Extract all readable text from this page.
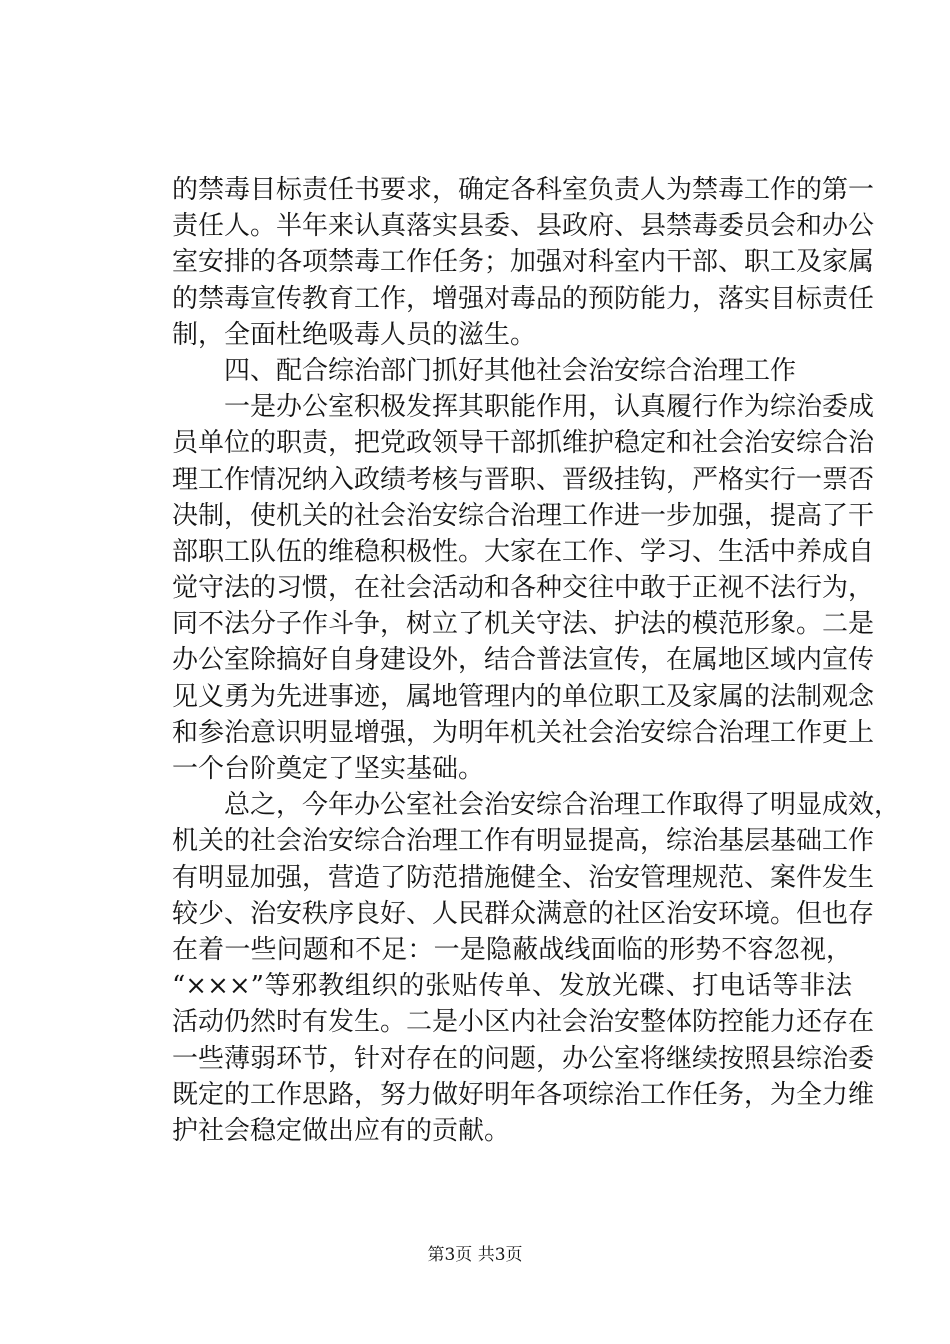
的禁毒目标责任书要求，确定各科室负责人为禁毒工作的第一
责任人。半年来认真落实县委、县政府、县禁毒委员会和办公
室安排的各项禁毒工作任务；加强对科室内干部、职工及家属
的禁毒宣传教育工作，增强对毒品的预防能力，落实目标责任
制，全面杜绝吸毒人员的滋生。
四、配合综治部门抓好其他社会治安综合治理工作
一是办公室积极发挥其职能作用，认真履行作为综治委成
员单位的职责，把党政领导干部抓维护稳定和社会治安综合治
理工作情况纳入政绩考核与晋职、晋级挂钩，严格实行一票否
决制，使机关的社会治安综合治理工作进一步加强，提高了干
部职工队伍的维稳积极性。大家在工作、学习、生活中养成自
觉守法的习惯，在社会活动和各种交往中敢于正视不法行为，
同不法分子作斗争，树立了机关守法、护法的模范形象。二是
办公室除搞好自身建设外，结合普法宣传，在属地区域内宣传
见义勇为先进事迹，属地管理内的单位职工及家属的法制观念
和参治意识明显增强，为明年机关社会治安综合治理工作更上
一个台阶奠定了坚实基础。
总之，今年办公室社会治安综合治理工作取得了明显成效，
机关的社会治安综合治理工作有明显提高，综治基层基础工作
有明显加强，营造了防范措施健全、治安管理规范、案件发生
较少、治安秩序良好、人民群众满意的社区治安环境。但也存
在着一些问题和不足：一是隐蔽战线面临的形势不容忽视，
“×××”等邪教组织的张贴传单、发放光碟、打电话等非法
活动仍然时有发生。二是小区内社会治安整体防控能力还存在
一些薄弱环节，针对存在的问题，办公室将继续按照县综治委
既定的工作思路，努力做好明年各项综治工作任务，为全力维
护社会稳定做出应有的贡献。
第3页 共3页
